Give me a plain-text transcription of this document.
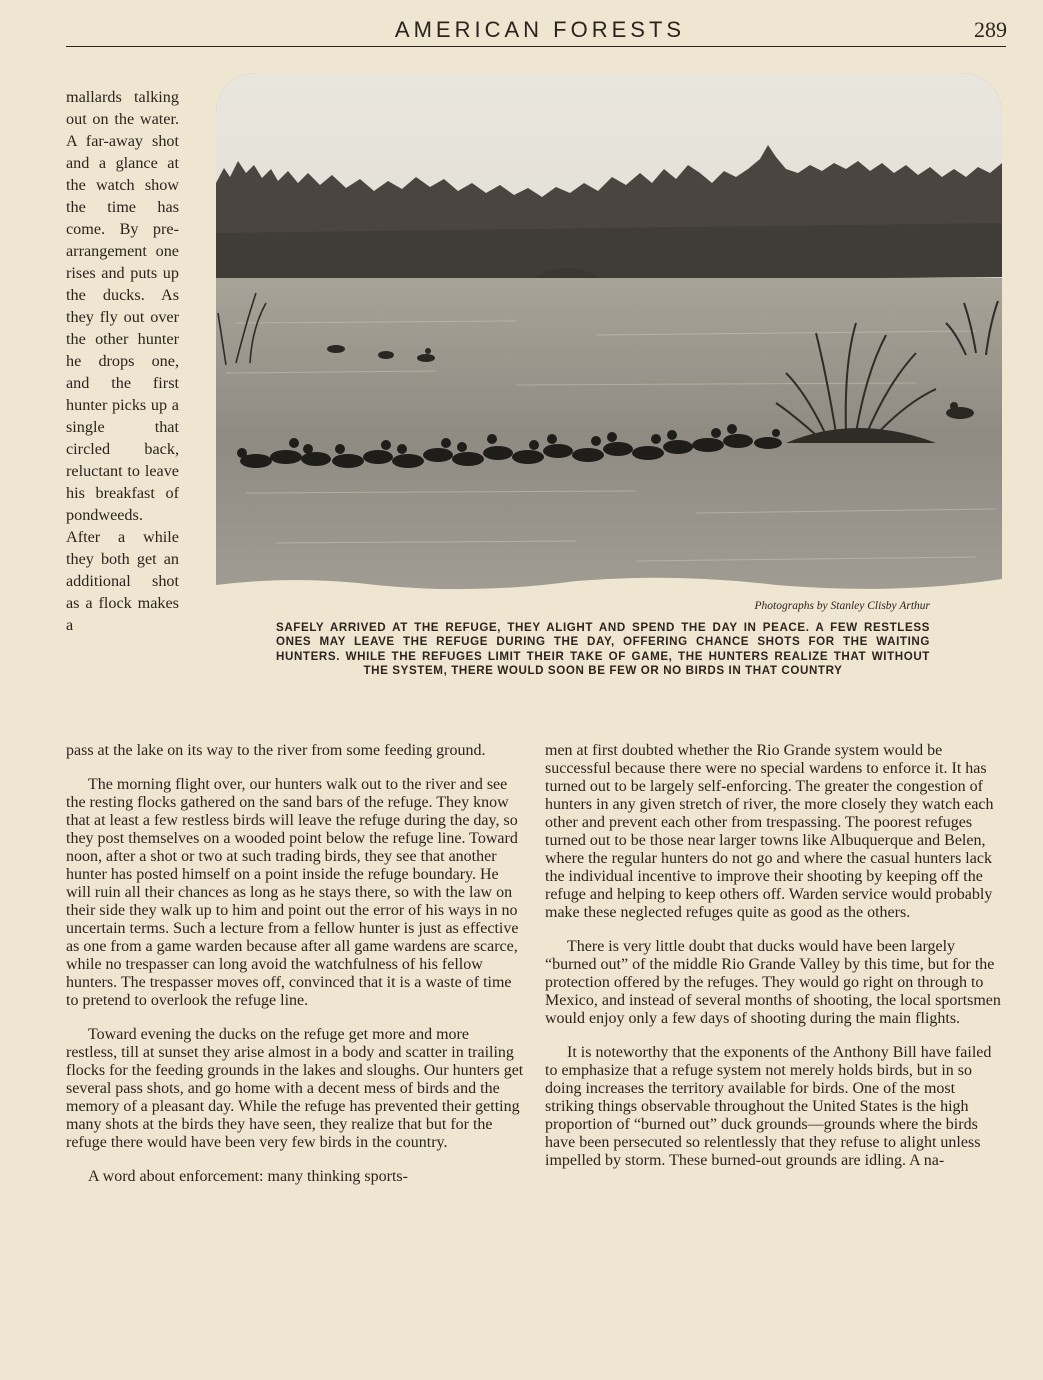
AMERICAN FORESTS	289

mallards talking out on the water. A far-away shot and a glance at the watch show the time has come. By pre-arrangement one rises and puts up the ducks. As they fly out over the other hunter he drops one, and the first hunter picks up a single that circled back, reluctant to leave his breakfast of pondweeds. After a while they both get an additional shot as a flock makes a

Photographs by Stanley Clisby Arthur
SAFELY ARRIVED AT THE REFUGE, THEY ALIGHT AND SPEND THE DAY IN PEACE. A FEW RESTLESS ONES MAY LEAVE THE REFUGE DURING THE DAY, OFFERING CHANCE SHOTS FOR THE WAITING HUNTERS. WHILE THE REFUGES LIMIT THEIR TAKE OF GAME, THE HUNTERS REALIZE THAT WITHOUT THE SYSTEM, THERE WOULD SOON BE FEW OR NO BIRDS IN THAT COUNTRY

pass at the lake on its way to the river from some feeding ground.

The morning flight over, our hunters walk out to the river and see the resting flocks gathered on the sand bars of the refuge. They know that at least a few restless birds will leave the refuge during the day, so they post themselves on a wooded point below the refuge line. Toward noon, after a shot or two at such trading birds, they see that another hunter has posted himself on a point inside the refuge boundary. He will ruin all their chances as long as he stays there, so with the law on their side they walk up to him and point out the error of his ways in no uncertain terms. Such a lecture from a fellow hunter is just as effective as one from a game warden because after all game wardens are scarce, while no trespasser can long avoid the watchfulness of his fellow hunters. The trespasser moves off, convinced that it is a waste of time to pretend to overlook the refuge line.

Toward evening the ducks on the refuge get more and more restless, till at sunset they arise almost in a body and scatter in trailing flocks for the feeding grounds in the lakes and sloughs. Our hunters get several pass shots, and go home with a decent mess of birds and the memory of a pleasant day. While the refuge has prevented their getting many shots at the birds they have seen, they realize that but for the refuge there would have been very few birds in the country.

A word about enforcement: many thinking sports-

men at first doubted whether the Rio Grande system would be successful because there were no special wardens to enforce it. It has turned out to be largely self-enforcing. The greater the congestion of hunters in any given stretch of river, the more closely they watch each other and prevent each other from trespassing. The poorest refuges turned out to be those near larger towns like Albuquerque and Belen, where the regular hunters do not go and where the casual hunters lack the individual incentive to improve their shooting by keeping off the refuge and helping to keep others off. Warden service would probably make these neglected refuges quite as good as the others.

There is very little doubt that ducks would have been largely “burned out” of the middle Rio Grande Valley by this time, but for the protection offered by the refuges. They would go right on through to Mexico, and instead of several months of shooting, the local sportsmen would enjoy only a few days of shooting during the main flights.

It is noteworthy that the exponents of the Anthony Bill have failed to emphasize that a refuge system not merely holds birds, but in so doing increases the territory available for birds. One of the most striking things observable throughout the United States is the high proportion of “burned out” duck grounds—grounds where the birds have been persecuted so relentlessly that they refuse to alight unless impelled by storm. These burned-out grounds are idling. A na-
